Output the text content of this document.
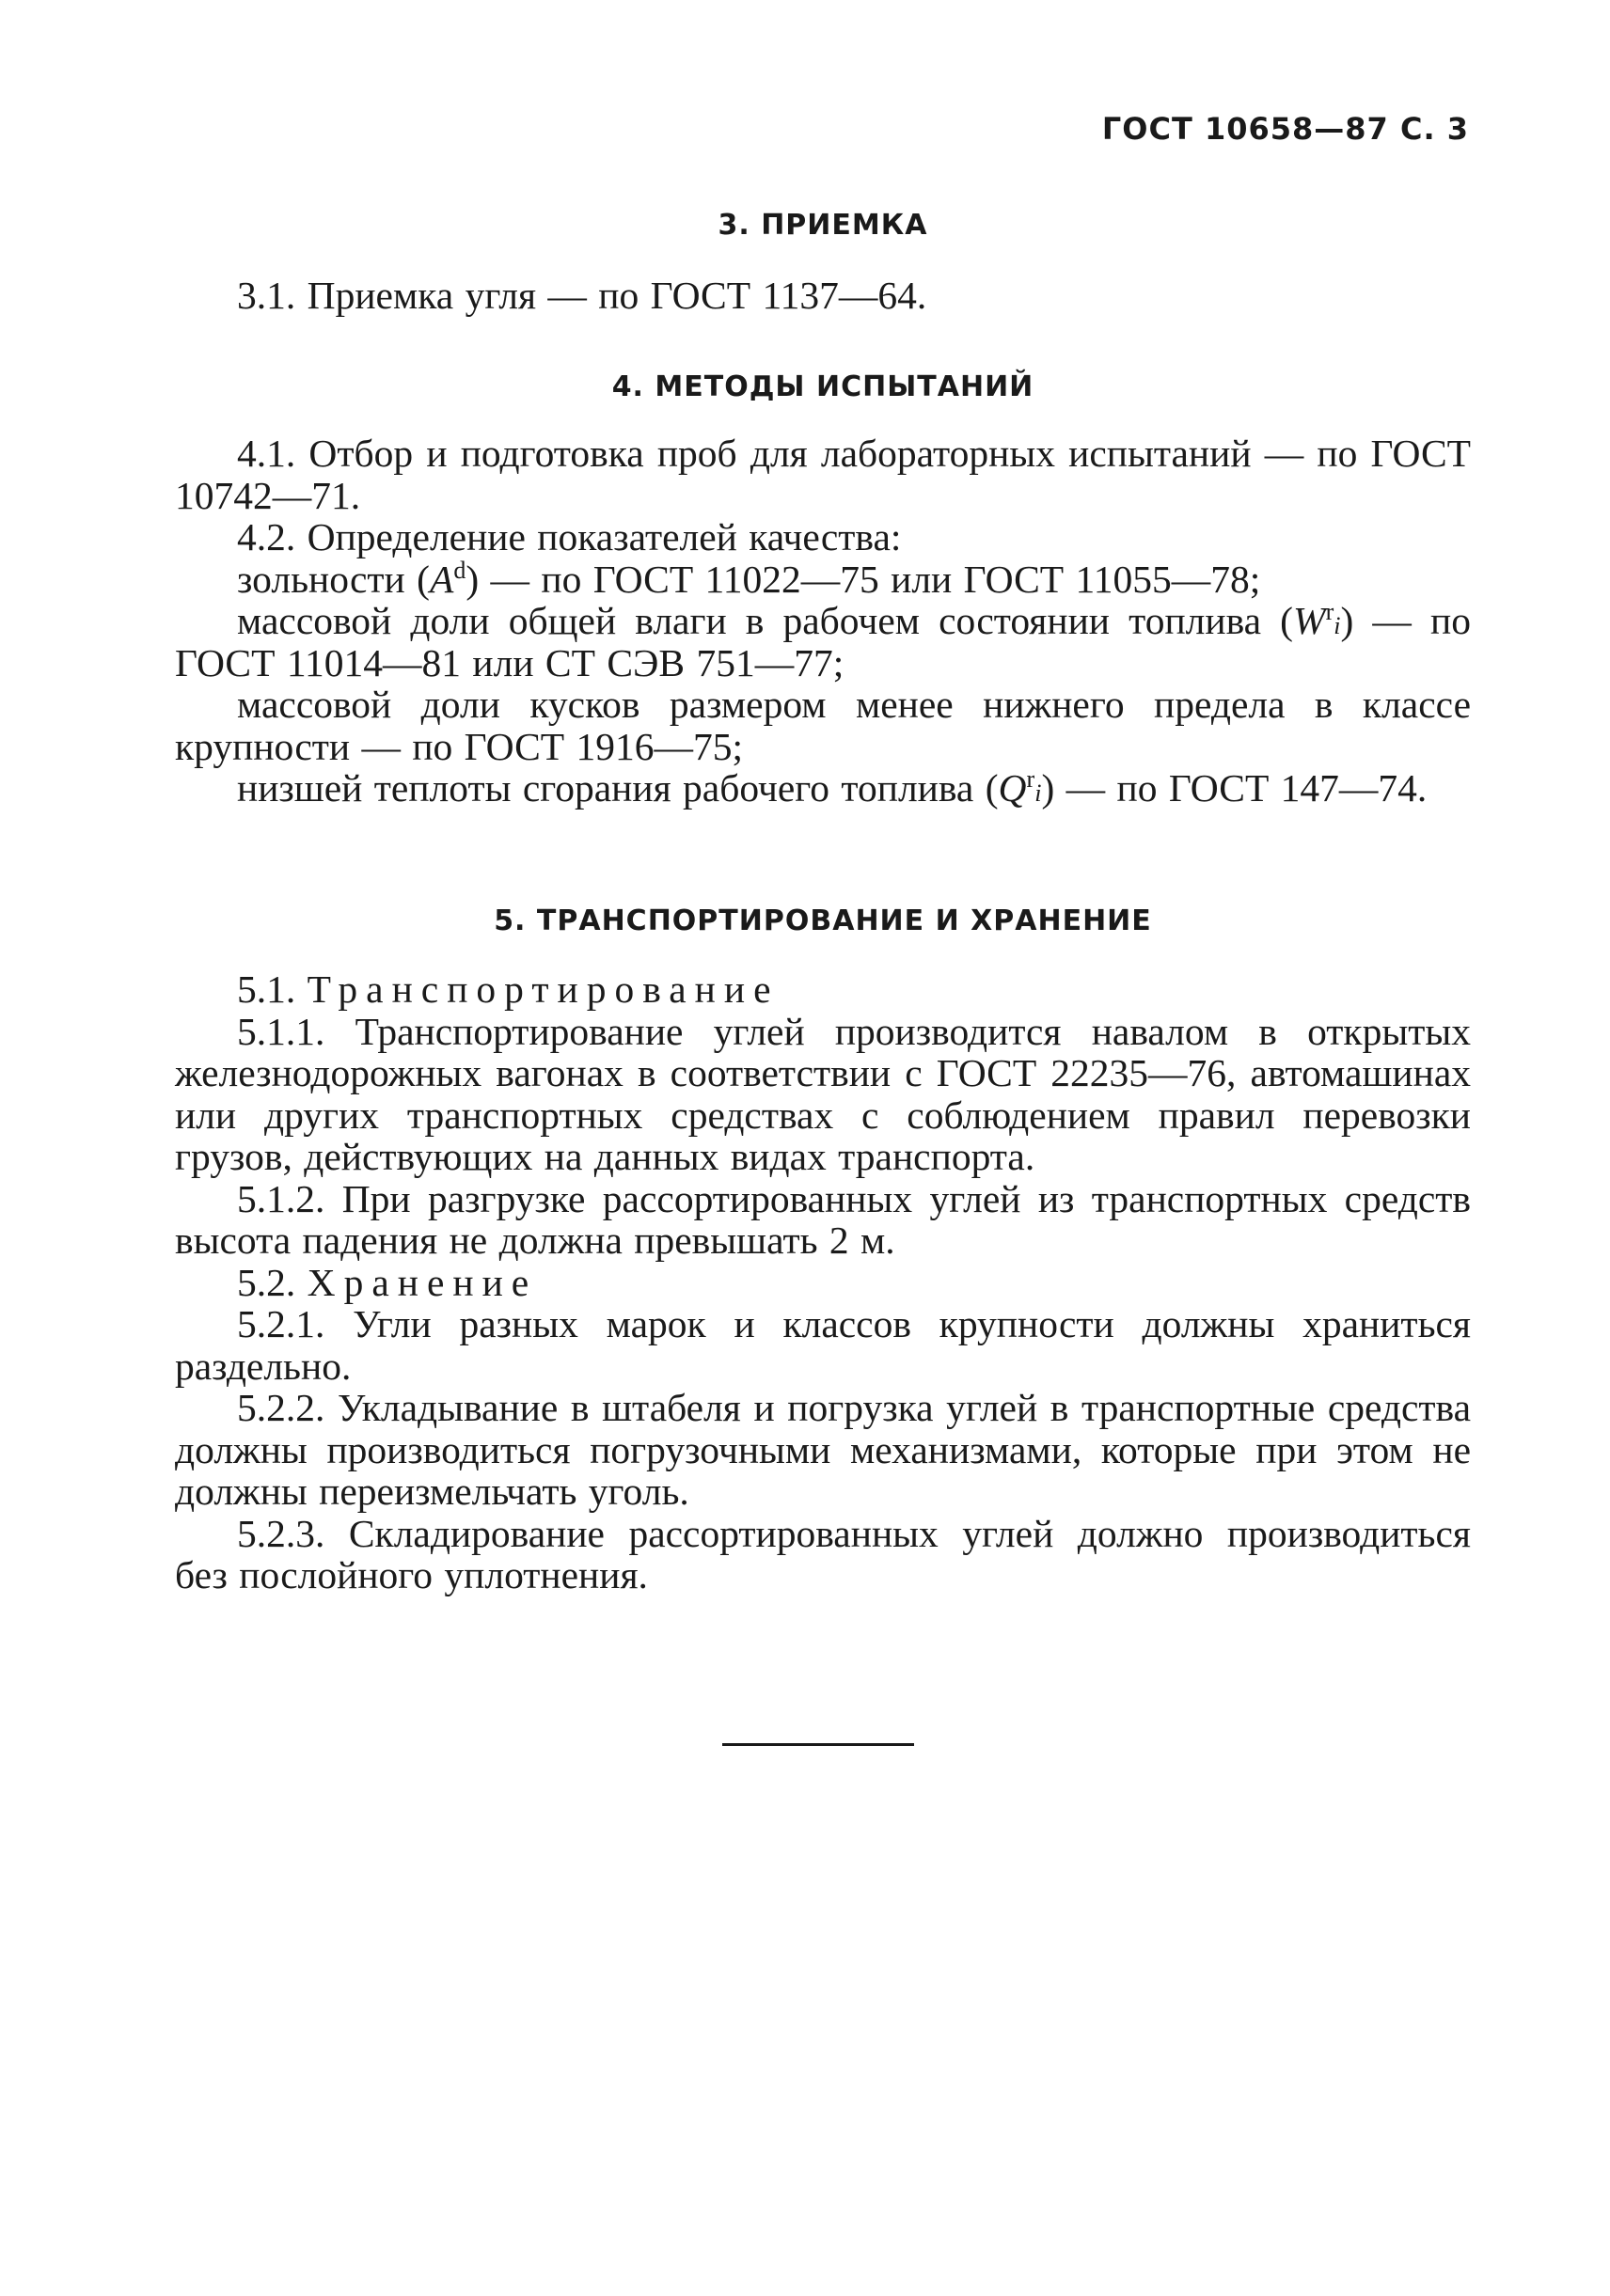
ГОСТ 10658—87 С. 3
3. ПРИЕМКА

3.1. Приемка угля — по ГОСТ 1137—64.

4. МЕТОДЫ ИСПЫТАНИЙ

4.1. Отбор и подготовка проб для лабораторных испытаний — по ГОСТ 10742—71.

4.2. Определение показателей качества:

зольности $(A^d)$ — по ГОСТ 11022—75 или ГОСТ 11055—78;

массовой доли общей влаги в рабочем состоянии топлива $(W^ri)$ — по ГОСТ 11014—81 или СТ СЭВ 751—77;

массовой доли кусков размером менее нижнего предела в классе крупности — по ГОСТ 1916—75;

низшей теплоты сгорания рабочего топлива $(Q^ri)$ — по ГОСТ 147—74.

5. ТРАНСПОРТИРОВАНИЕ И ХРАНЕНИЕ

5.1. Транспортирование

5.1.1. Транспортирование углей производится навалом в открытых железнодорожных вагонах в соответствии с ГОСТ 22235—76, автомашинах или других транспортных средствах с соблюдением правил перевозки грузов, действующих на данных видах транспорта.

5.1.2. При разгрузке рассортированных углей из транспортных средств высота падения не должна превышать 2 м.

5.2. Хранение

5.2.1. Угли разных марок и классов крупности должны храниться раздельно.

5.2.2. Укладывание в штабеля и погрузка углей в транспортные средства должны производиться погрузочными механизмами, которые при этом не должны переизмельчать уголь.

5.2.3. Складирование рассортированных углей должно производиться без послойного уплотнения.
